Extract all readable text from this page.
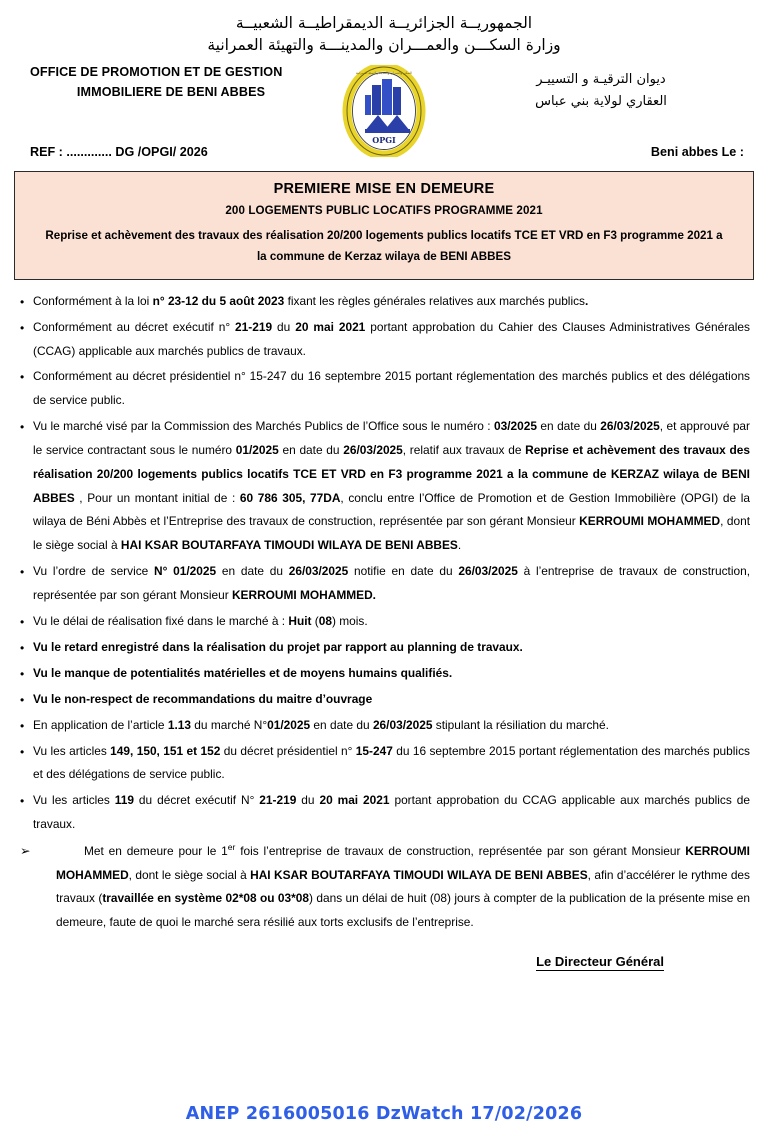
الجمهوريــة الجزائريــة الديمقراطيــة الشعبيــة
وزارة السكـــن والعمـــران والمدينـــة والتهيئة العمرانية
OFFICE DE PROMOTION ET DE GESTION
IMMOBILIERE DE BENI ABBES
OPGI
السكن والعمران والمدينة والتهيئة العمرانية	ديوان الترقيـة و التسييـر
العقاري لولاية بني عباس
REF : ............. DG /OPGI/ 2026	Beni abbes Le :
PREMIERE MISE EN DEMEURE
200 LOGEMENTS PUBLIC LOCATIFS PROGRAMME 2021
Reprise et achèvement des travaux des réalisation 20/200 logements publics locatifs TCE ET VRD en F3 programme 2021 a la commune de Kerzaz wilaya de BENI ABBES
• Conformément à la loi n° 23-12 du 5 août 2023 fixant les règles générales relatives aux marchés publics.
• Conformément au décret exécutif n° 21-219 du 20 mai 2021 portant approbation du Cahier des Clauses Administratives Générales (CCAG) applicable aux marchés publics de travaux.
• Conformément au décret présidentiel n° 15-247 du 16 septembre 2015 portant réglementation des marchés publics et des délégations de service public.
• Vu le marché visé par la Commission des Marchés Publics de l’Office sous le numéro : 03/2025 en date du 26/03/2025, et approuvé par le service contractant sous le numéro 01/2025 en date du 26/03/2025, relatif aux travaux de Reprise et achèvement des travaux des réalisation 20/200 logements publics locatifs TCE ET VRD en F3 programme 2021 a la commune de KERZAZ wilaya de BENI ABBES , Pour un montant initial de : 60 786 305, 77DA, conclu entre l’Office de Promotion et de Gestion Immobilière (OPGI) de la wilaya de Béni Abbès et l’Entreprise des travaux de construction, représentée par son gérant Monsieur KERROUMI MOHAMMED, dont le siège social à HAI KSAR BOUTARFAYA TIMOUDI WILAYA DE BENI ABBES.
• Vu l’ordre de service N° 01/2025 en date du 26/03/2025 notifie en date du 26/03/2025 à l’entreprise de travaux de construction, représentée par son gérant Monsieur KERROUMI MOHAMMED.
• Vu le délai de réalisation fixé dans le marché à : Huit (08) mois.
• Vu le retard enregistré dans la réalisation du projet par rapport au planning de travaux.
• Vu le manque de potentialités matérielles et de moyens humains qualifiés.
• Vu le non-respect de recommandations du maitre d’ouvrage
• En application de l’article 1.13 du marché N°01/2025 en date du 26/03/2025 stipulant la résiliation du marché.
• Vu les articles 149, 150, 151 et 152 du décret présidentiel n° 15-247 du 16 septembre 2015 portant réglementation des marchés publics et des délégations de service public.
• Vu les articles 119 du décret exécutif N° 21-219 du 20 mai 2021 portant approbation du CCAG applicable aux marchés publics de travaux.
➢	Met en demeure pour le 1er fois l’entreprise de travaux de construction, représentée par son gérant Monsieur KERROUMI MOHAMMED, dont le siège social à HAI KSAR BOUTARFAYA TIMOUDI WILAYA DE BENI ABBES, afin d’accélérer le rythme des travaux (travaillée en système 02*08 ou 03*08) dans un délai de huit (08) jours à compter de la publication de la présente mise en demeure, faute de quoi le marché sera résilié aux torts exclusifs de l’entreprise.
Le Directeur Général
ANEP 2616005016 DzWatch 17/02/2026
